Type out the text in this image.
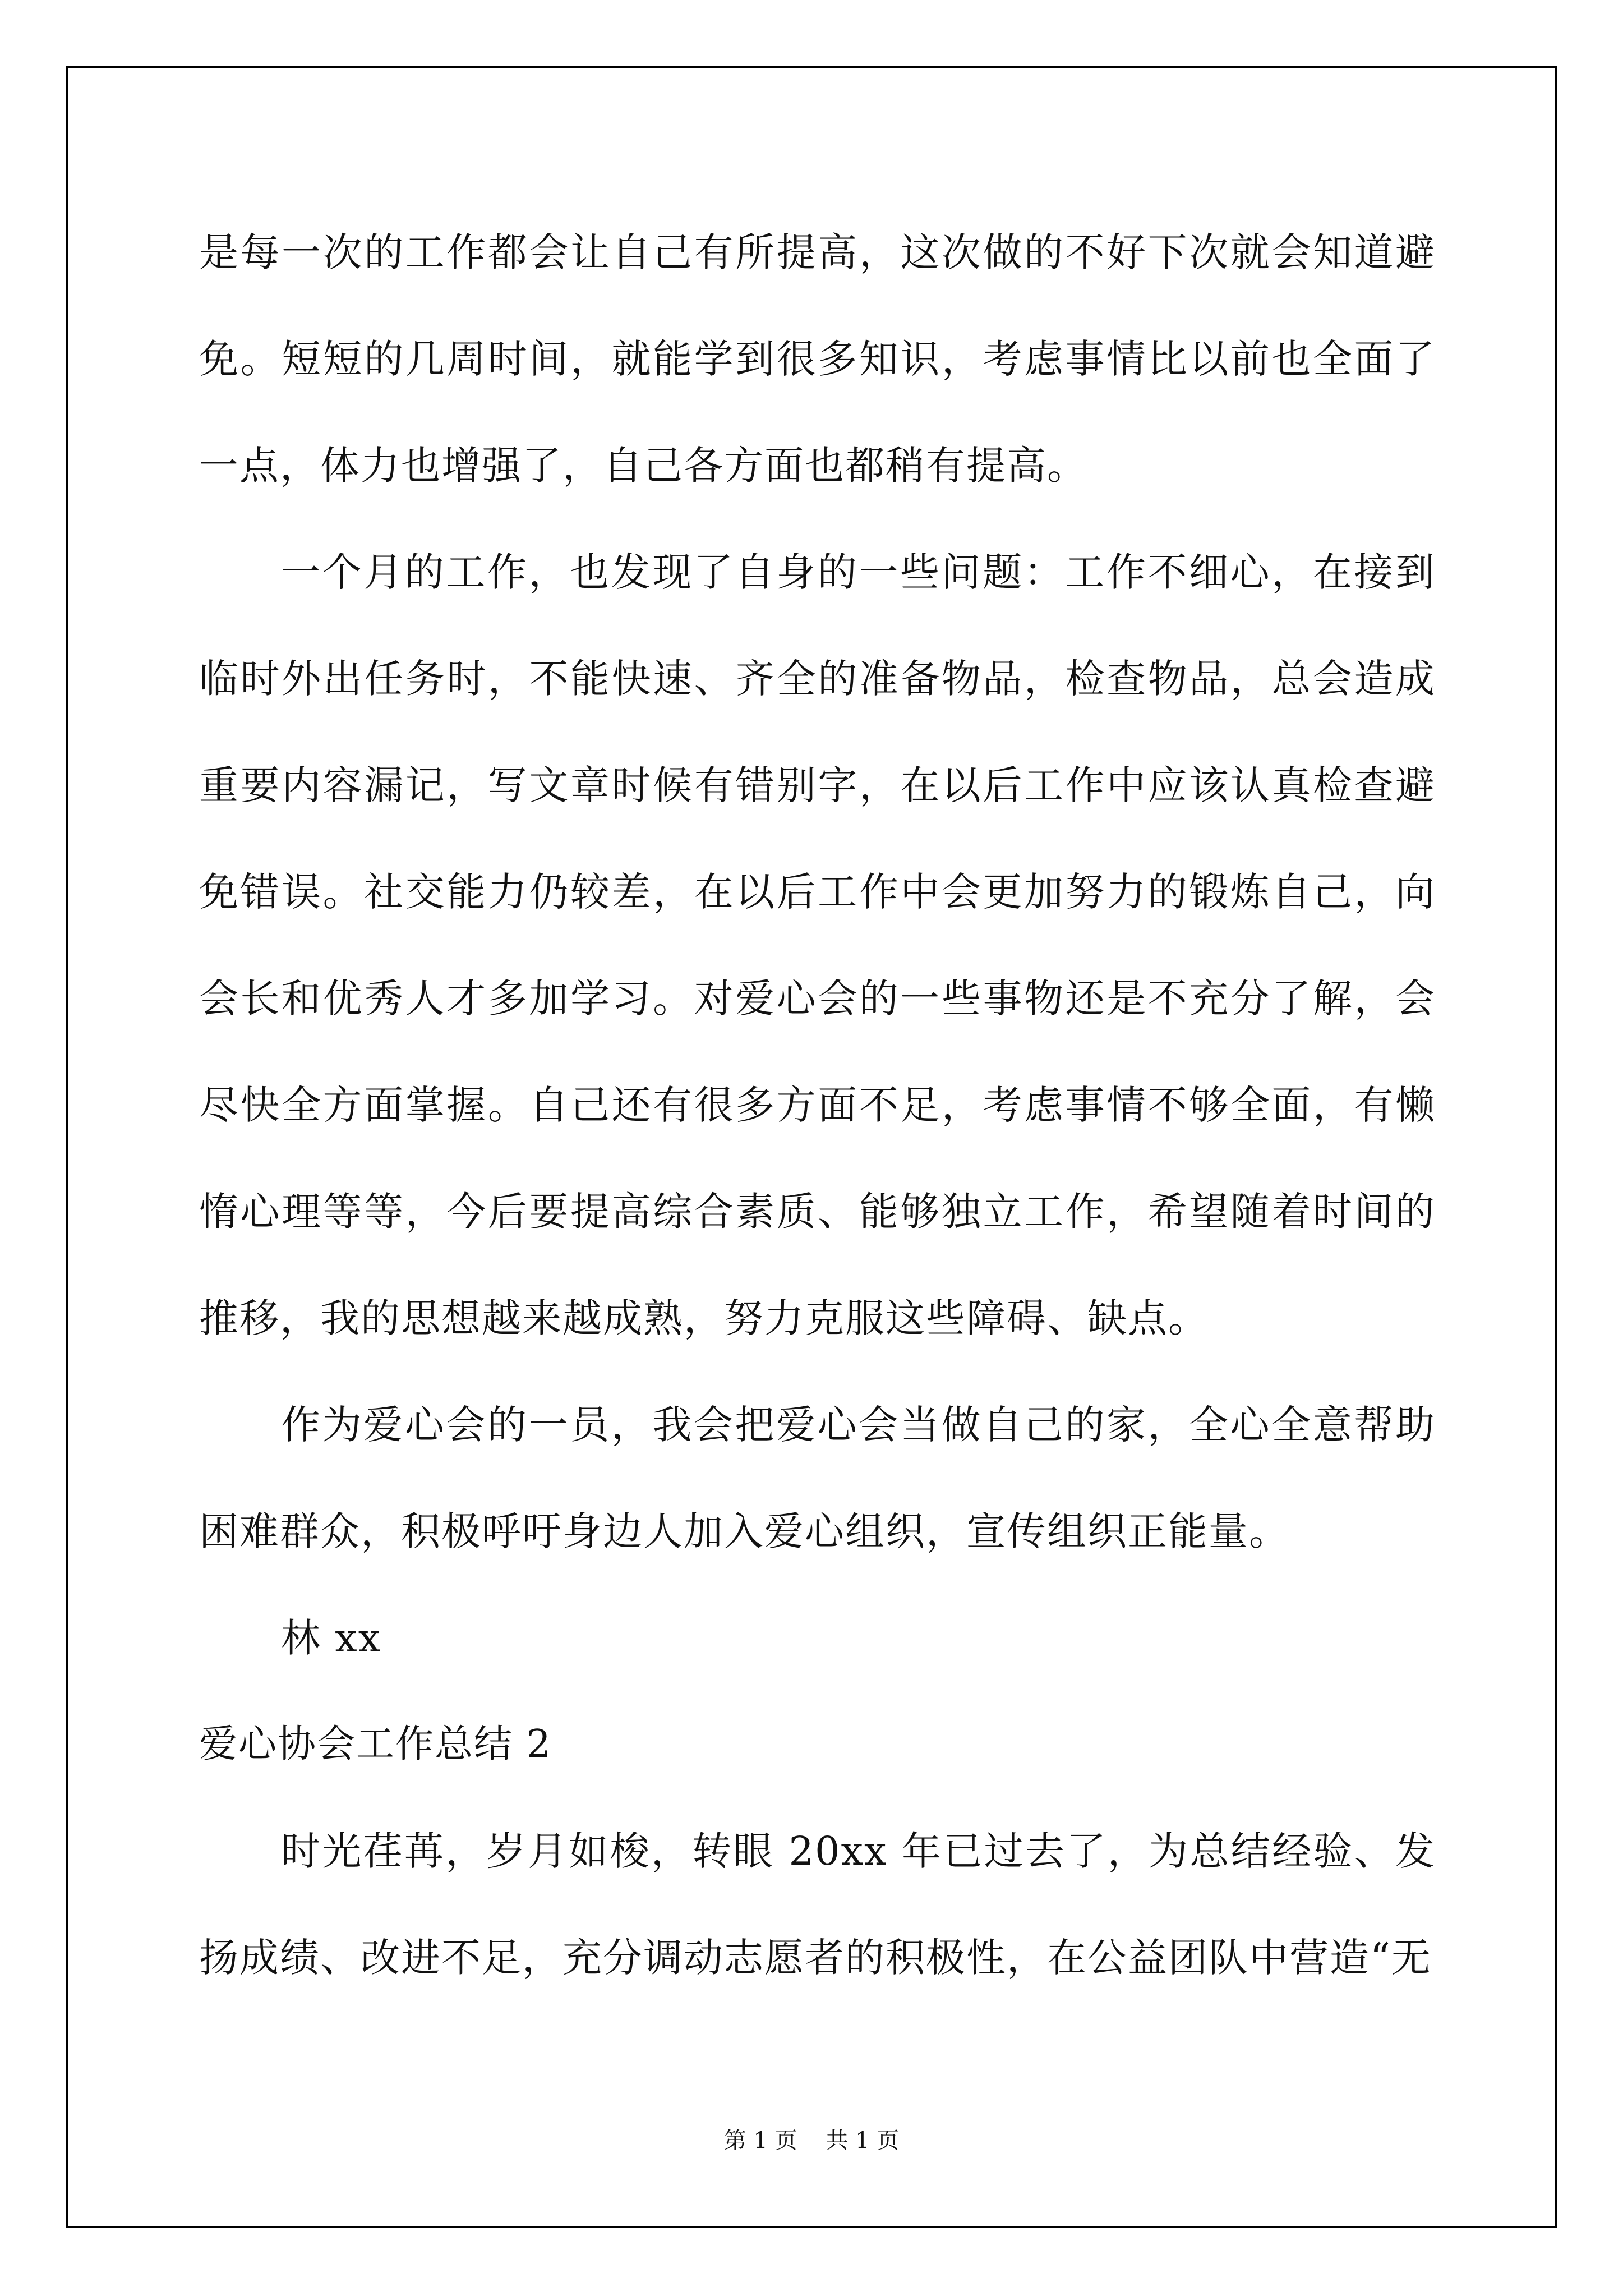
是每一次的工作都会让自己有所提高，这次做的不好下次就会知道避免。短短的几周时间，就能学到很多知识，考虑事情比以前也全面了一点，体力也增强了，自己各方面也都稍有提高。

一个月的工作，也发现了自身的一些问题：工作不细心，在接到临时外出任务时，不能快速、齐全的准备物品，检查物品，总会造成重要内容漏记，写文章时候有错别字，在以后工作中应该认真检查避免错误。社交能力仍较差，在以后工作中会更加努力的锻炼自己，向会长和优秀人才多加学习。对爱心会的一些事物还是不充分了解，会尽快全方面掌握。自己还有很多方面不足，考虑事情不够全面，有懒惰心理等等，今后要提高综合素质、能够独立工作，希望随着时间的推移，我的思想越来越成熟，努力克服这些障碍、缺点。

作为爱心会的一员，我会把爱心会当做自己的家，全心全意帮助困难群众，积极呼吁身边人加入爱心组织，宣传组织正能量。

林 xx

爱心协会工作总结 2

时光荏苒，岁月如梭，转眼 20xx 年已过去了，为总结经验、发扬成绩、改进不足，充分调动志愿者的积极性，在公益团队中营造“无

第 1 页    共 1 页
